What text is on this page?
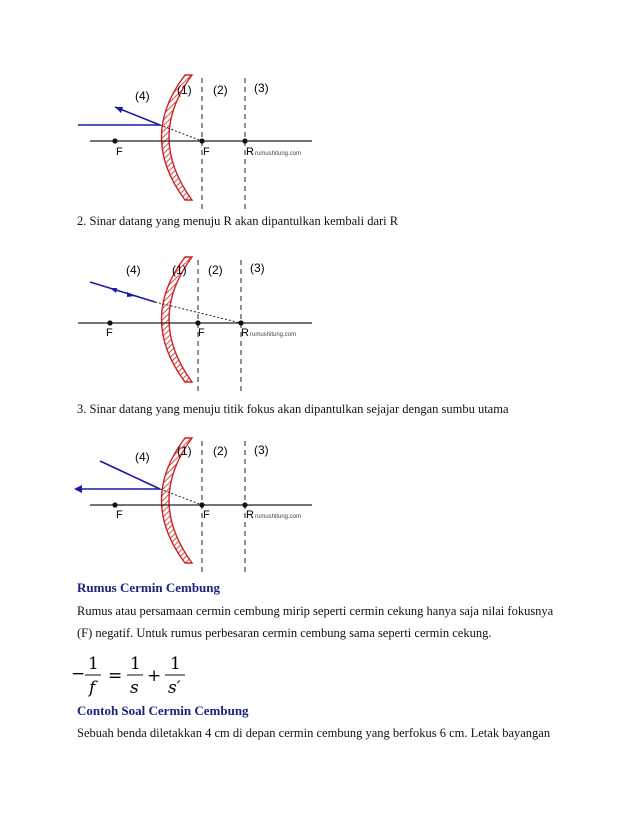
(4) (1) (2) (3)
F	F	R rumushitung.com
2. Sinar datang yang menuju R akan dipantulkan kembali dari R
(4)	(1) (2) (3)
F	F	R rumushitung.com
3. Sinar datang yang menuju titik fokus akan dipantulkan sejajar dengan sumbu utama
(4) (1) (2) (3)
F	F	R rumushitung.com
Rumus Cermin Cembung
Rumus atau persamaan cermin cembung mirip seperti cermin cekung hanya saja nilai fokusnya
(F) negatif. Untuk rumus perbesaran cermin cembung sama seperti cermin cekung.
− 1
f
=
1
s
+
1
s′
Contoh Soal Cermin Cembung
Sebuah benda diletakkan 4 cm di depan cermin cembung yang berfokus 6 cm. Letak bayangan
